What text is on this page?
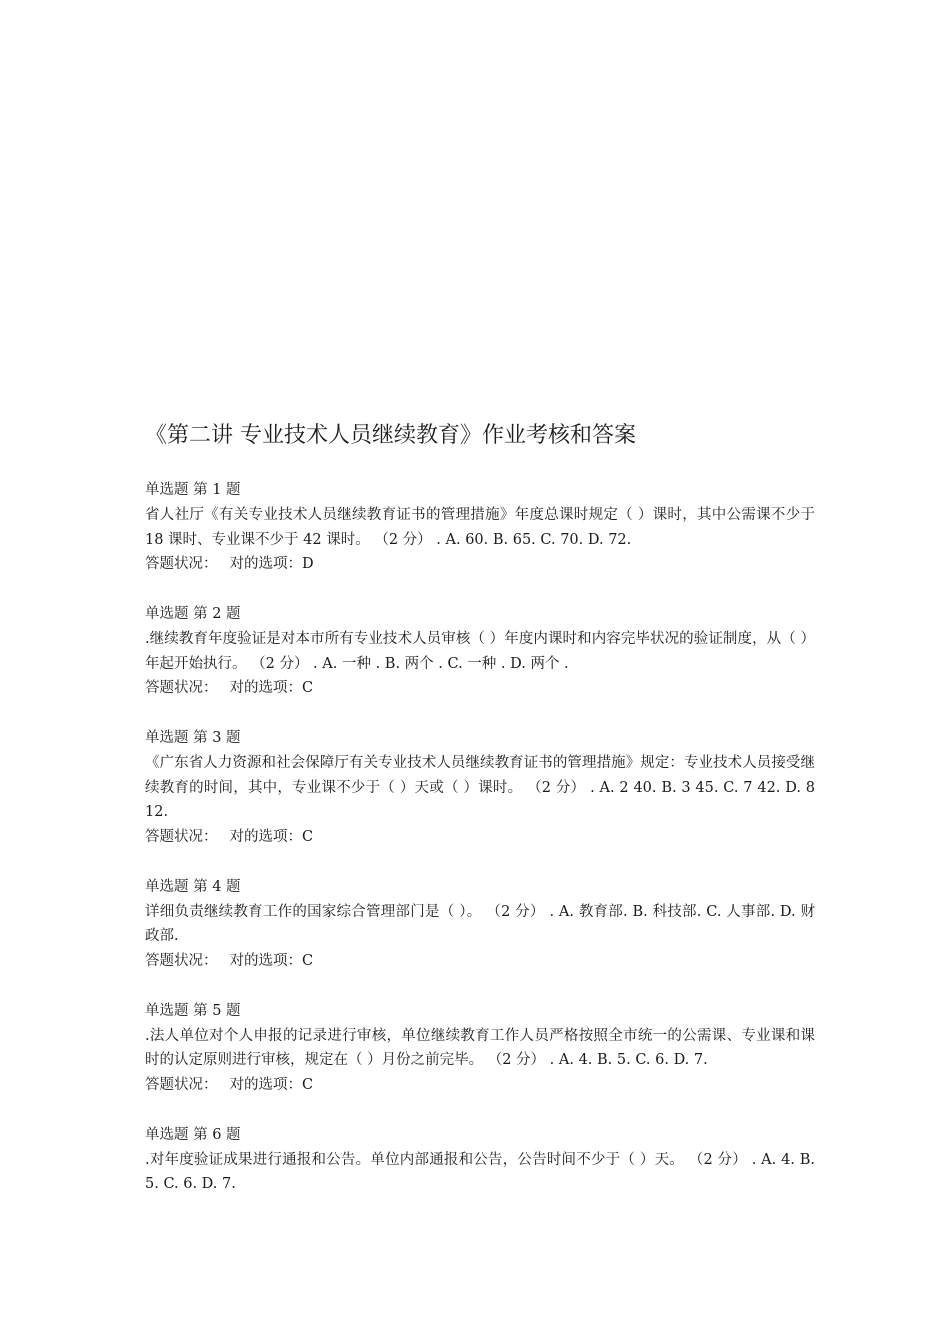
《第二讲 专业技术人员继续教育》作业考核和答案
单选题 第 1 题
省人社厅《有关专业技术人员继续教育证书的管理措施》年度总课时规定（ ）课时，其中公需课不少于 18 课时、专业课不少于 42 课时。 （2 分） . A. 60. B. 65. C. 70. D. 72.
答题状况： 对的选项：D
单选题 第 2 题
.继续教育年度验证是对本市所有专业技术人员审核（ ）年度内课时和内容完毕状况的验证制度，从（ ）年起开始执行。 （2 分） . A. 一种 . B. 两个 . C. 一种 . D. 两个 .
答题状况： 对的选项：C
单选题 第 3 题
《广东省人力资源和社会保障厅有关专业技术人员继续教育证书的管理措施》规定：专业技术人员接受继续教育的时间，其中，专业课不少于（ ）天或（ ）课时。 （2 分） . A. 2 40. B. 3 45. C. 7 42. D. 8 12.
答题状况： 对的选项：C
单选题 第 4 题
详细负责继续教育工作的国家综合管理部门是（ ）。 （2 分） . A. 教育部. B. 科技部. C. 人事部. D. 财政部.
答题状况： 对的选项：C
单选题 第 5 题
.法人单位对个人申报的记录进行审核，单位继续教育工作人员严格按照全市统一的公需课、专业课和课时的认定原则进行审核，规定在（ ）月份之前完毕。 （2 分） . A. 4. B. 5. C. 6. D. 7.
答题状况： 对的选项：C
单选题 第 6 题
.对年度验证成果进行通报和公告。单位内部通报和公告，公告时间不少于（ ）天。 （2 分） . A. 4. B. 5. C. 6. D. 7.
